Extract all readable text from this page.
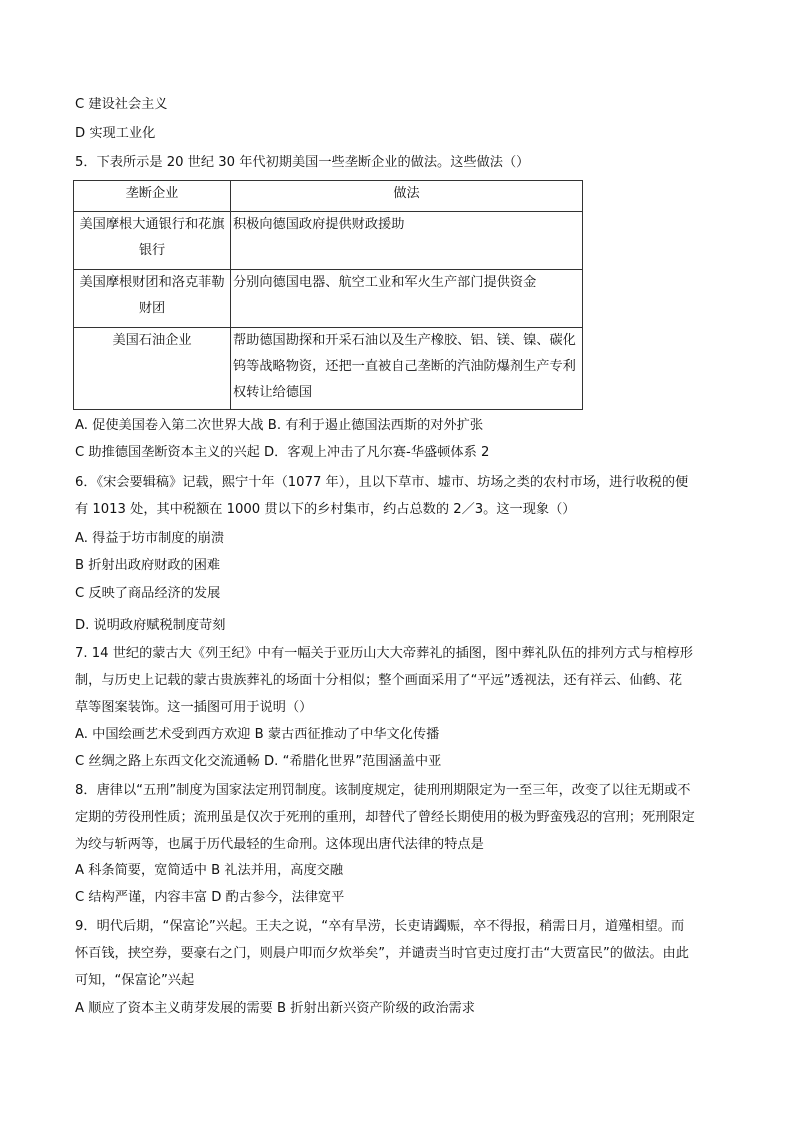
C 建设社会主义
D 实现工业化
5．下表所示是 20 世纪 30 年代初期美国一些垄断企业的做法。这些做法（）
垄断企业	做法
美国摩根大通银行和花旗银行	积极向德国政府提供财政援助
美国摩根财团和洛克菲勒财团	分别向德国电器、航空工业和军火生产部门提供资金
美国石油企业	帮助德国勘探和开采石油以及生产橡胶、铝、镁、镍、碳化钨等战略物资，还把一直被自己垄断的汽油防爆剂生产专利权转让给德国
A. 促使美国卷入第二次世界大战 B. 有利于遏止德国法西斯的对外扩张
C 助推德国垄断资本主义的兴起 D．客观上冲击了凡尔赛-华盛顿体系 2
6．《宋会要辑稿》记载，熙宁十年（1077 年），且以下草市、墟市、坊场之类的农村市场，进行收税的便有 1013 处，其中税额在 1000 贯以下的乡村集市，约占总数的 2／3。这一现象（）
A. 得益于坊市制度的崩溃
B 折射出政府财政的困难
C 反映了商品经济的发展
D. 说明政府赋税制度苛刻
7. 14 世纪的蒙古大《列王纪》中有一幅关于亚历山大大帝葬礼的插图，图中葬礼队伍的排列方式与棺椁形制，与历史上记载的蒙古贵族葬礼的场面十分相似；整个画面采用了“平远”透视法，还有祥云、仙鹤、花草等图案装饰。这一插图可用于说明（）
A. 中国绘画艺术受到西方欢迎 B 蒙古西征推动了中华文化传播
C 丝绸之路上东西文化交流通畅 D. “希腊化世界”范围涵盖中亚
8．唐律以“五刑”制度为国家法定刑罚制度。该制度规定，徒刑刑期限定为一至三年，改变了以往无期或不定期的劳役刑性质；流刑虽是仅次于死刑的重刑，却替代了曾经长期使用的极为野蛮残忍的宫刑；死刑限定为绞与斩两等，也属于历代最轻的生命刑。这体现出唐代法律的特点是
A 科条简要，宽简适中 B 礼法并用，高度交融
C 结构严谨，内容丰富 D 酌古参今，法律宽平
9．明代后期，“保富论”兴起。王夫之说，“卒有旱涝，长吏请蠲赈，卒不得报，稍需日月，道殣相望。而怀百钱，挟空券，要豪右之门，则晨户叩而夕炊举矣”，并谴责当时官吏过度打击“大贾富民”的做法。由此可知，“保富论”兴起
A 顺应了资本主义萌芽发展的需要 B 折射出新兴资产阶级的政治需求
